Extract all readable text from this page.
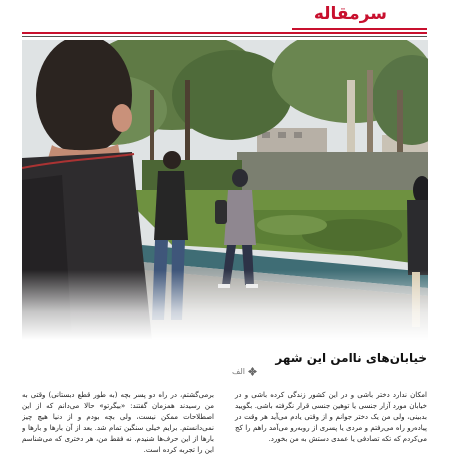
سرمقاله
خیابان‌های ناامن این شهر
الف

امکان ندارد دختر باشی و در این کشور زندگی کرده باشی و در خیابان مورد آزار جنسی یا توهین جنسی قرار نگرفته باشی. بگویید بدبینی، ولی من یک دختر جوانم و از وقتی یادم می‌آید هر وقت در پیاده‌رو راه می‌رفتم و مردی یا پسری از روبه‌رو می‌آمد راهم را کج می‌کردم که تکه تصادفی یا عمدی دستش به من بخورد.

برمی‌گشتم، در راه دو پسر بچه (به طور قطع دبستانی) وقتی به من رسیدند همزمان گفتند: «بیگرتو» حالا می‌دانم که از این اصطلاحات ممکن نیست، ولی بچه بودم و از دنیا هیچ چیز نمی‌دانستم. برایم خیلی سنگین تمام شد. بعد از آن بارها و بارها و بارها از این حرف‌ها شنیدم. نه فقط من، هر دختری که می‌شناسم این را تجربه کرده است.
